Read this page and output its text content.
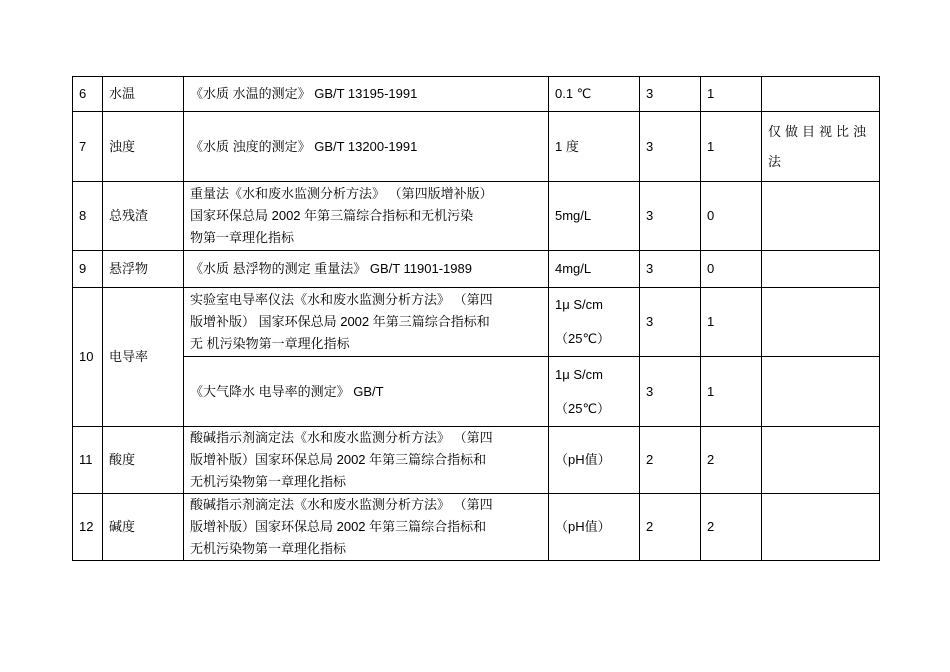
6	水温	《水质 水温的测定》 GB/T 13195-1991	0.1 ℃	3	1	
7	浊度	《水质 浊度的测定》 GB/T 13200-1991	1 度	3	1	仅做目视比浊
法

8	总残渣	重量法《水和废水监测分析方法》 （第四版增补版）
国家环保总局 2002 年第三篇综合指标和无机污染
物第一章理化指标	5mg/L	3	0	
9	悬浮物	《水质 悬浮物的测定 重量法》 GB/T 11901-1989	4mg/L	3	0	
10	电导率	实验室电导率仪法《水和废水监测分析方法》 （第四
版增补版） 国家环保总局 2002 年第三篇综合指标和
无 机污染物第一章理化指标	1μ S/cm
（25℃）	3	1	

		《大气降水 电导率的测定》 GB/T	1μ S/cm
（25℃）	3	1	
11	酸度	酸碱指示剂滴定法《水和废水监测分析方法》 （第四
版增补版）国家环保总局 2002 年第三篇综合指标和
无机污染物第一章理化指标	（pH值）	2	2	
12	碱度	酸碱指示剂滴定法《水和废水监测分析方法》 （第四
版增补版）国家环保总局 2002 年第三篇综合指标和
无机污染物第一章理化指标	（pH值）	2	2	
